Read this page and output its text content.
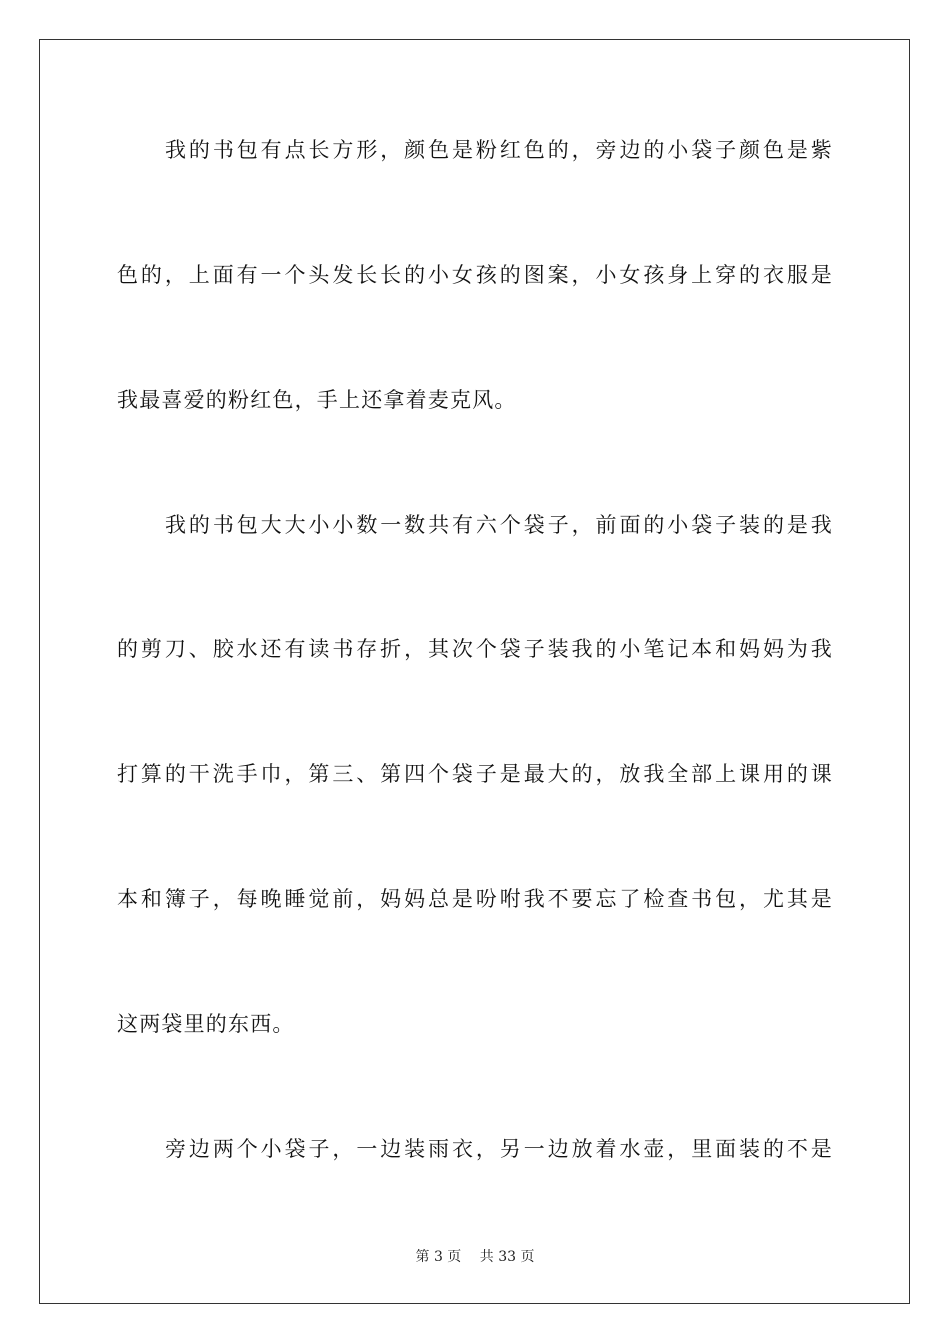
我的书包有点长方形，颜色是粉红色的，旁边的小袋子颜色是紫
色的，上面有一个头发长长的小女孩的图案，小女孩身上穿的衣服是
我最喜爱的粉红色，手上还拿着麦克风。
我的书包大大小小数一数共有六个袋子，前面的小袋子装的是我
的剪刀、胶水还有读书存折，其次个袋子装我的小笔记本和妈妈为我
打算的干洗手巾，第三、第四个袋子是最大的，放我全部上课用的课
本和簿子，每晚睡觉前，妈妈总是吩咐我不要忘了检查书包，尤其是
这两袋里的东西。
旁边两个小袋子，一边装雨衣，另一边放着水壶，里面装的不是
第 3 页 共 33 页
